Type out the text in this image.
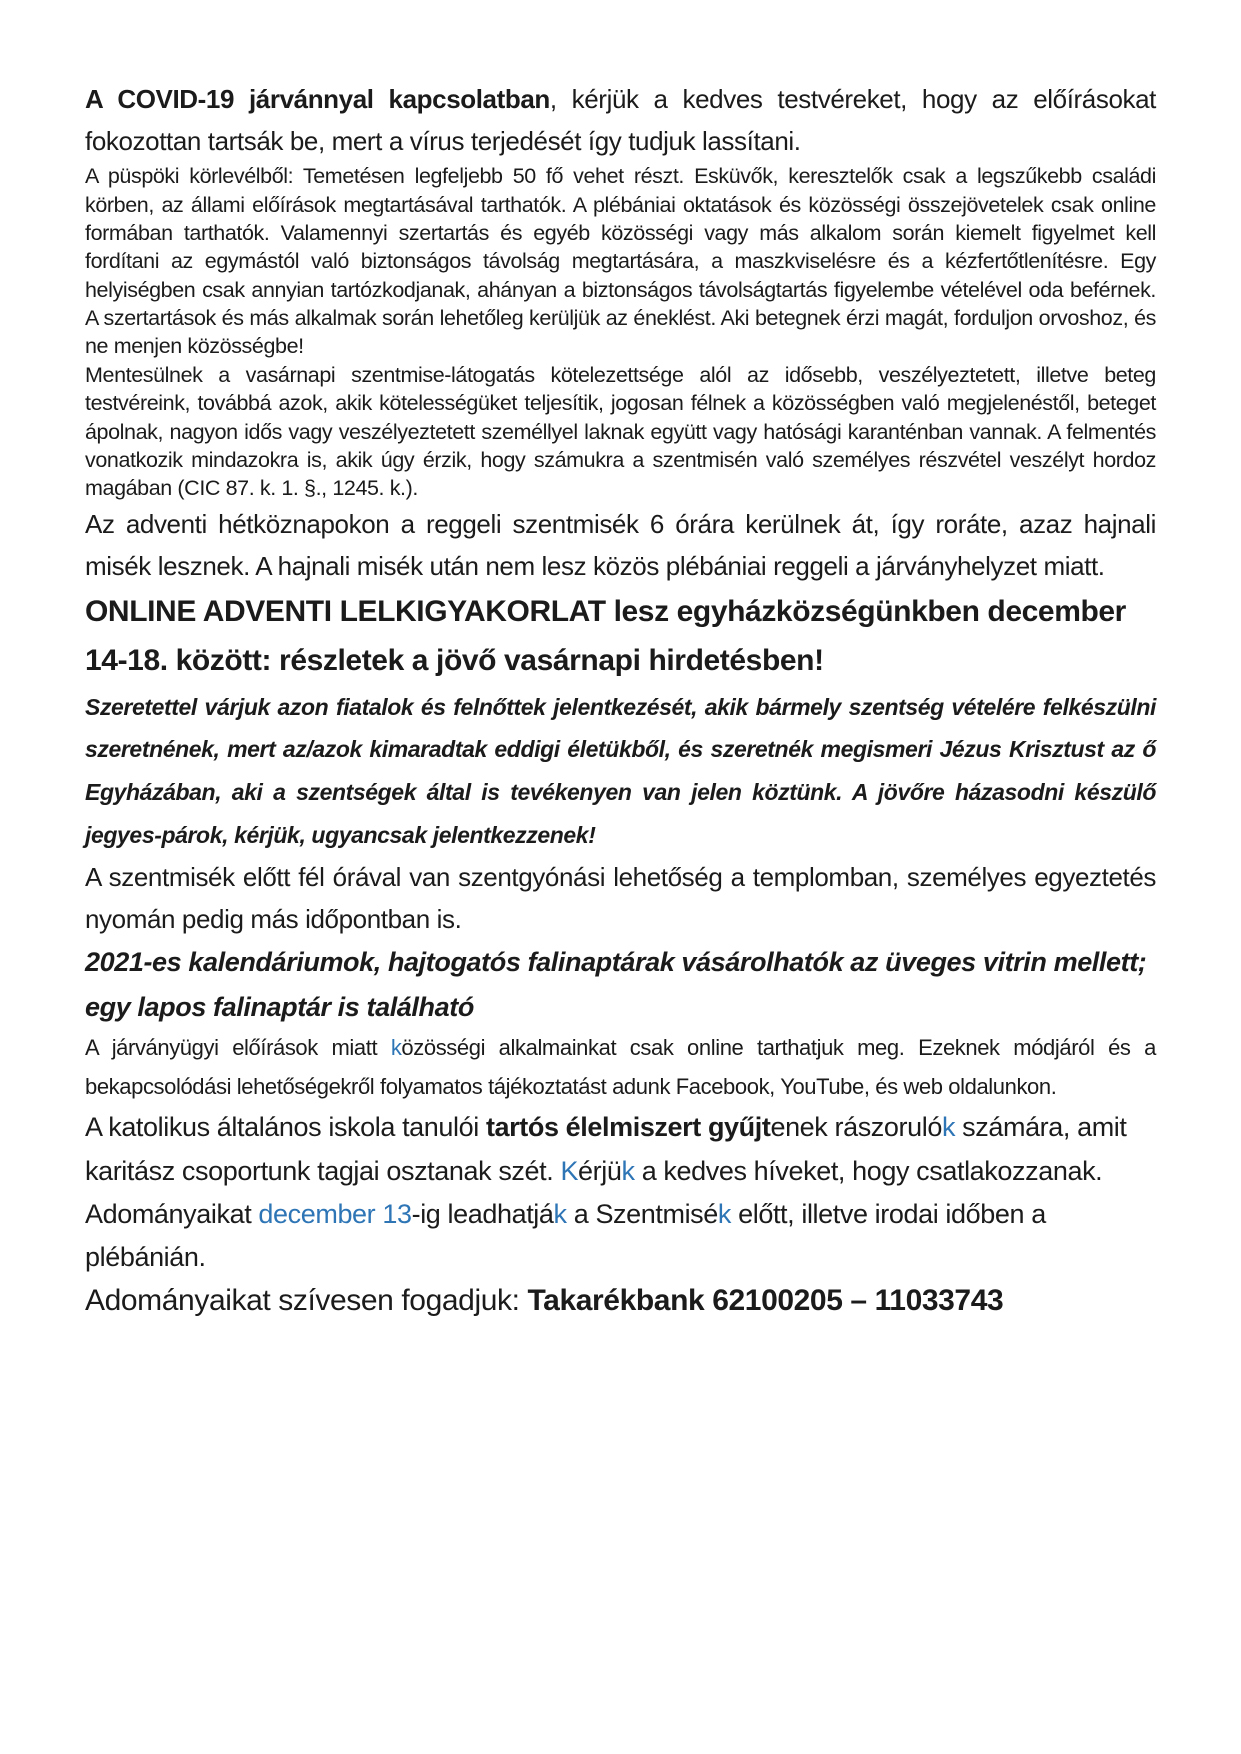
A COVID-19 járvánnyal kapcsolatban, kérjük a kedves testvéreket, hogy az előírásokat fokozottan tartsák be, mert a vírus terjedését így tudjuk lassítani.

A püspöki körlevélből: Temetésen legfeljebb 50 fő vehet részt. Esküvők, keresztelők csak a legszűkebb családi körben, az állami előírások megtartásával tarthatók. A plébániai oktatások és közösségi összejövetelek csak online formában tarthatók. Valamennyi szertartás és egyéb közösségi vagy más alkalom során kiemelt figyelmet kell fordítani az egymástól való biztonságos távolság megtartására, a maszkviselésre és a kézfertőtlenítésre. Egy helyiségben csak annyian tartózkodjanak, ahányan a biztonságos távolságtartás figyelembe vételével oda beférnek. A szertartások és más alkalmak során lehetőleg kerüljük az éneklést. Aki betegnek érzi magát, forduljon orvoshoz, és ne menjen közösségbe!

Mentesülnek a vasárnapi szentmise-látogatás kötelezettsége alól az idősebb, veszélyeztetett, illetve beteg testvéreink, továbbá azok, akik kötelességüket teljesítik, jogosan félnek a közösségben való megjelenéstől, beteget ápolnak, nagyon idős vagy veszélyeztetett személlyel laknak együtt vagy hatósági karanténban vannak. A felmentés vonatkozik mindazokra is, akik úgy érzik, hogy számukra a szentmisén való személyes részvétel veszélyt hordoz magában (CIC 87. k. 1. §., 1245. k.).

Az adventi hétköznapokon a reggeli szentmisék 6 órára kerülnek át, így roráte, azaz hajnali misék lesznek. A hajnali misék után nem lesz közös plébániai reggeli a járványhelyzet miatt.

ONLINE ADVENTI LELKIGYAKORLAT lesz egyházközségünkben december 14-18. között: részletek a jövő vasárnapi hirdetésben!

Szeretettel várjuk azon fiatalok és felnőttek jelentkezését, akik bármely szentség vételére felkészülni szeretnének, mert az/azok kimaradtak eddigi életükből, és szeretnék megismeri Jézus Krisztust az ő Egyházában, aki a szentségek által is tevékenyen van jelen köztünk. A jövőre házasodni készülő jegyes-párok, kérjük, ugyancsak jelentkezzenek!

A szentmisék előtt fél órával van szentgyónási lehetőség a templomban, személyes egyeztetés nyomán pedig más időpontban is.

2021-es kalendáriumok, hajtogatós falinaptárak vásárolhatók az üveges vitrin mellett; egy lapos falinaptár is található

A járványügyi előírások miatt közösségi alkalmainkat csak online tarthatjuk meg. Ezeknek módjáról és a bekapcsolódási lehetőségekről folyamatos tájékoztatást adunk Facebook, YouTube, és web oldalunkon.

A katolikus általános iskola tanulói tartós élelmiszert gyűjtenek rászorulók számára, amit karitász csoportunk tagjai osztanak szét. Kérjük a kedves híveket, hogy csatlakozzanak. Adományaikat december 13-ig leadhatják a Szentmisék előtt, illetve irodai időben a plébánián.

Adományaikat szívesen fogadjuk: Takarékbank 62100205 – 11033743
